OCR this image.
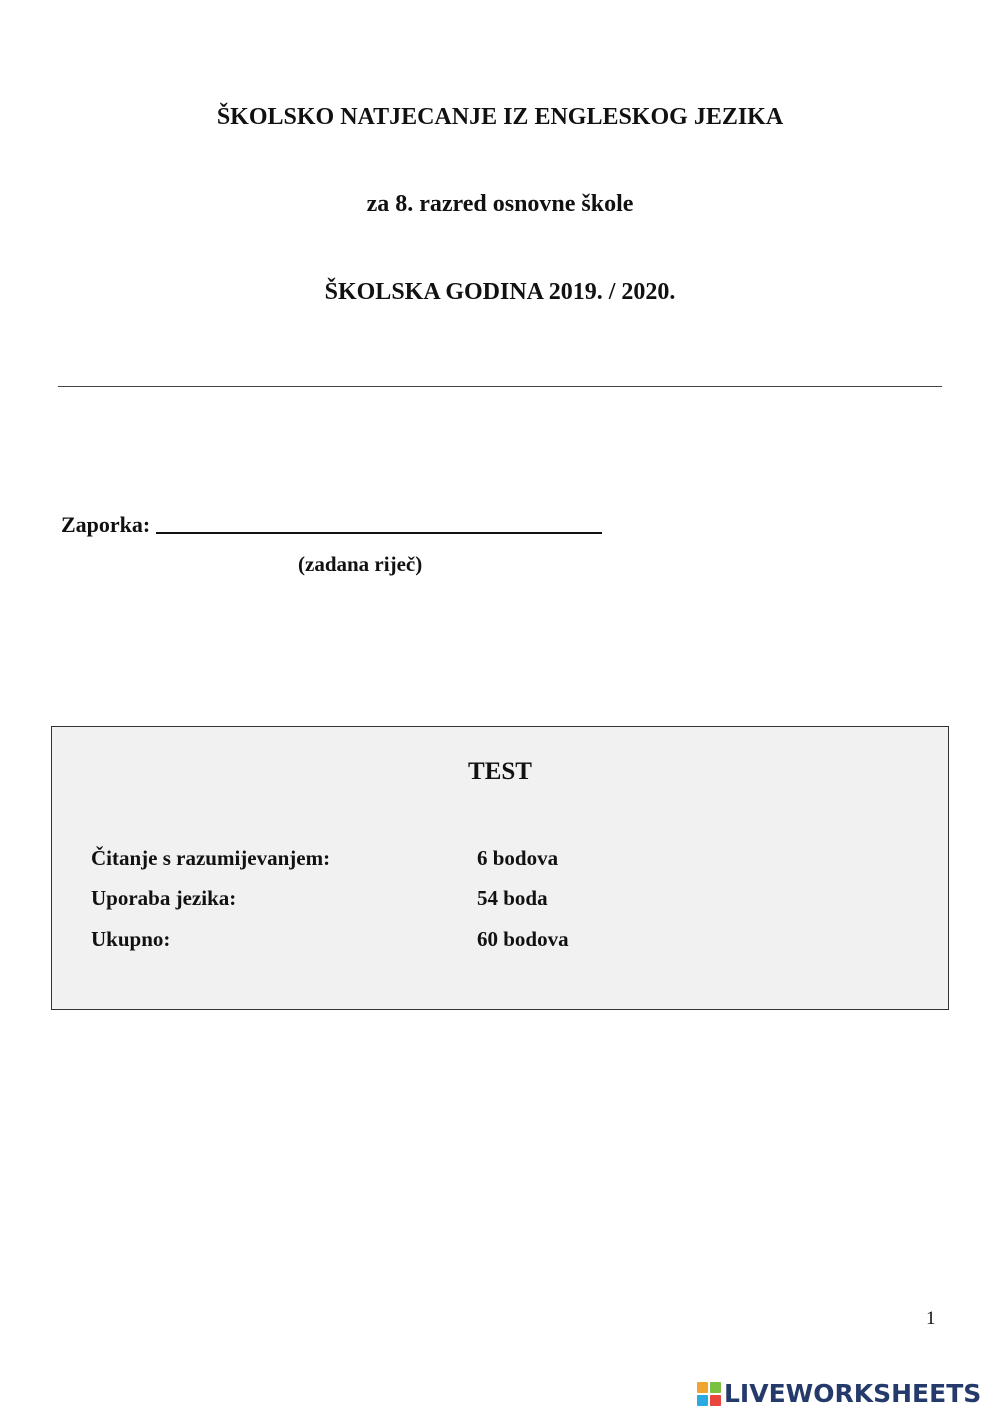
ŠKOLSKO NATJECANJE IZ ENGLESKOG JEZIKA
za 8. razred osnovne škole
ŠKOLSKA GODINA 2019. / 2020.
Zaporka:
(zadana riječ)
TEST
Čitanje s razumijevanjem:	6 bodova
Uporaba jezika:	54 boda
Ukupno:	60 bodova
1
LIVEWORKSHEETS
